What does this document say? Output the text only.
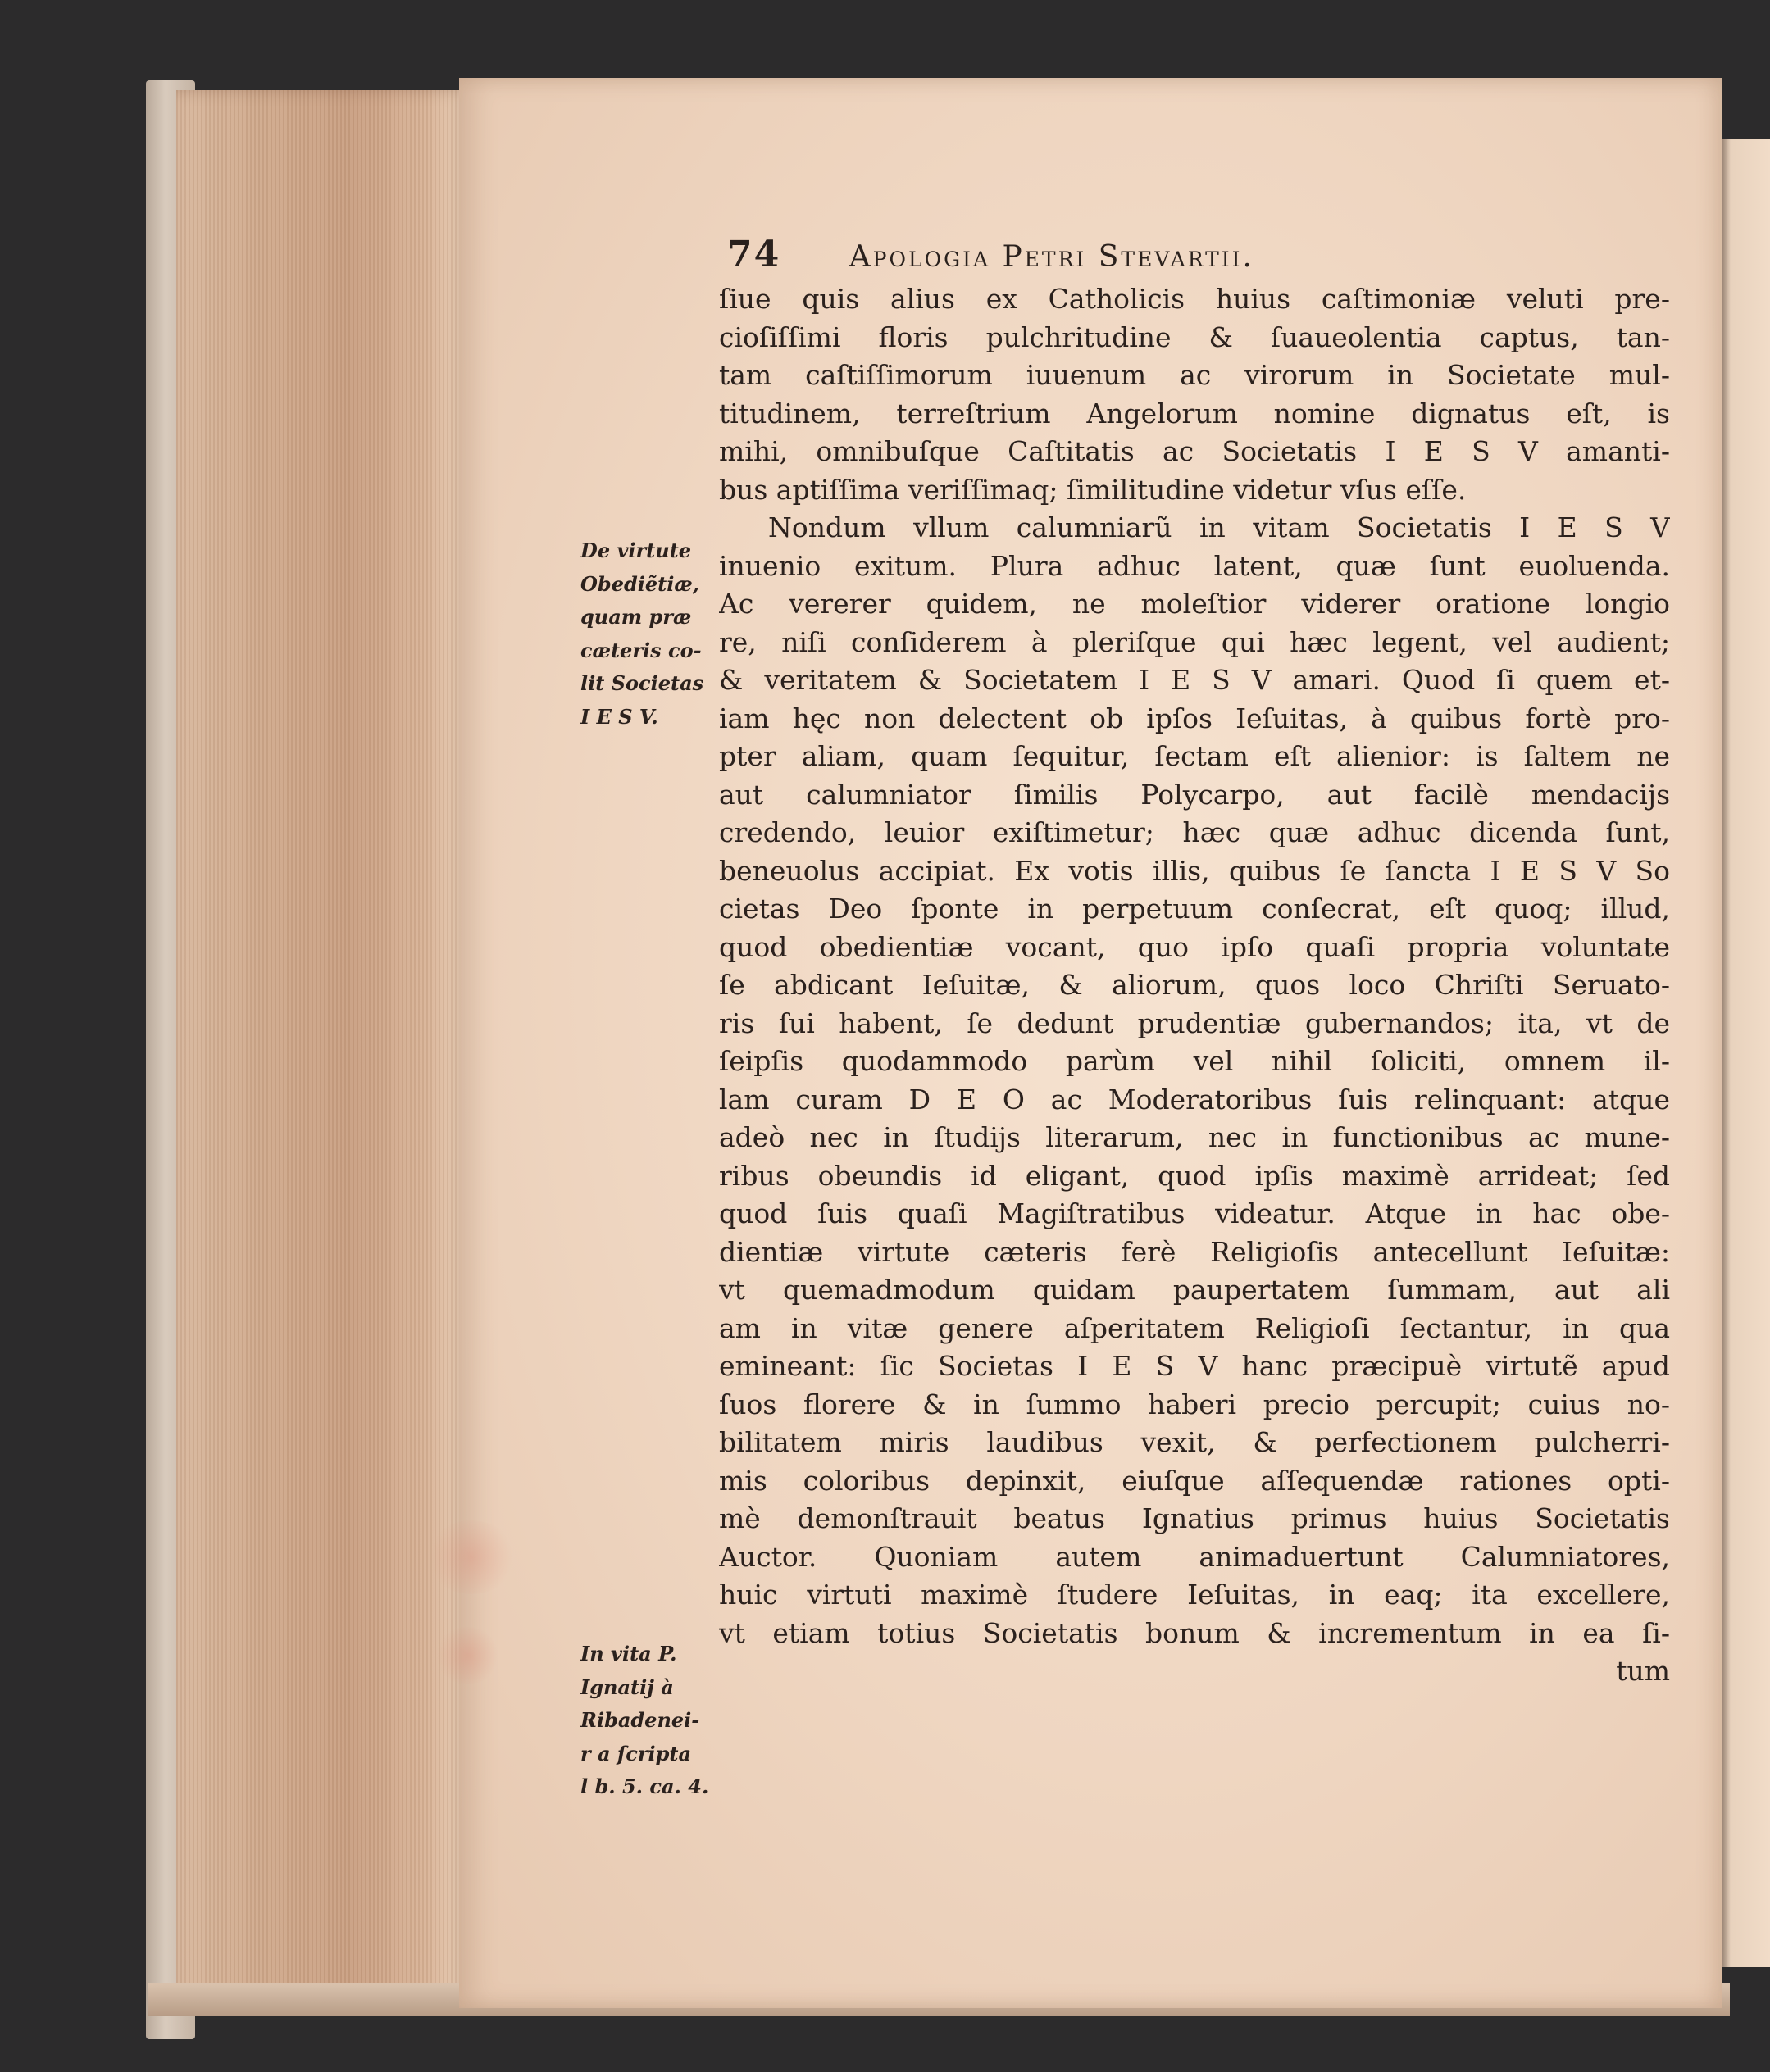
74 Apologia Petri Stevartii.
ſiue quis alius ex Catholicis huius caſtimoniæ veluti pre-
cioſiſſimi floris pulchritudine & ſuaueolentia captus, tan-
tam caſtiſſimorum iuuenum ac virorum in Societate mul-
titudinem, terreſtrium Angelorum nomine dignatus eſt, is
mihi, omnibuſque Caſtitatis ac Societatis I E S V amanti-
bus aptiſſima veriſſimaq; ſimilitudine videtur vſus eſſe.
Nondum vllum calumniarũ in vitam Societatis I E S V
inuenio exitum. Plura adhuc latent, quæ ſunt euoluenda.
Ac vererer quidem, ne moleſtior viderer oratione longio
re, niſi conſiderem à pleriſque qui hæc legent, vel audient;
& veritatem & Societatem I E S V amari. Quod ſi quem et-
iam hęc non delectent ob ipſos Ieſuitas, à quibus fortè pro-
pter aliam, quam ſequitur, ſectam eſt alienior: is ſaltem ne
aut calumniator ſimilis Polycarpo, aut facilè mendacijs
credendo, leuior exiſtimetur; hæc quæ adhuc dicenda ſunt,
beneuolus accipiat. Ex votis illis, quibus ſe ſancta I E S V So
cietas Deo ſponte in perpetuum conſecrat, eſt quoq; illud,
quod obedientiæ vocant, quo ipſo quaſi propria voluntate
ſe abdicant Ieſuitæ, & aliorum, quos loco Chriſti Seruato-
ris ſui habent, ſe dedunt prudentiæ gubernandos; ita, vt de
ſeipſis quodammodo parùm vel nihil ſoliciti, omnem il-
lam curam D E O ac Moderatoribus ſuis relinquant: atque
adeò nec in ſtudijs literarum, nec in functionibus ac mune-
ribus obeundis id eligant, quod ipſis maximè arrideat; ſed
quod ſuis quaſi Magiſtratibus videatur. Atque in hac obe-
dientiæ virtute cæteris ferè Religioſis antecellunt Ieſuitæ:
vt quemadmodum quidam paupertatem ſummam, aut ali
am in vitæ genere aſperitatem Religioſi ſectantur, in qua
emineant: ſic Societas I E S V hanc præcipuè virtutẽ apud
ſuos florere & in ſummo haberi precio percupit; cuius no-
bilitatem miris laudibus vexit, & perfectionem pulcherri-
mis coloribus depinxit, eiuſque aſſequendæ rationes opti-
mè demonſtrauit beatus Ignatius primus huius Societatis
Auctor. Quoniam autem animaduertunt Calumniatores,
huic virtuti maximè ſtudere Ieſuitas, in eaq; ita excellere,
vt etiam totius Societatis bonum & incrementum in ea ſi-
tum
De virtute
Obediẽtiæ,
quam præ
cæteris co-
lit Societas
I E S V.
In vita P.
Ignatij à
Ribadenei-
r a ſcripta
l b. 5. ca. 4.
